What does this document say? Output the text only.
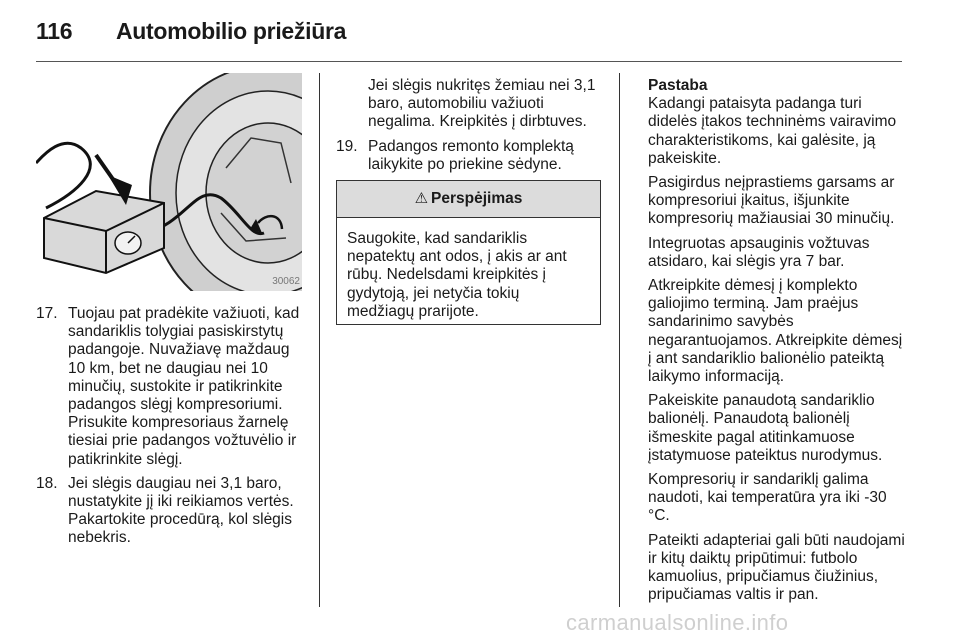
116 Automobilio priežiūra
30062
17. Tuojau pat pradėkite važiuoti, kad sandariklis tolygiai pasiskirstytų padangoje. Nuvažiavę maždaug 10 km, bet ne daugiau nei 10 minučių, sustokite ir patikrinkite padangos slėgį kompresoriumi. Prisukite kompresoriaus žarnelę tiesiai prie padangos vožtuvėlio ir patikrinkite slėgį.
18. Jei slėgis daugiau nei 3,1 baro, nustatykite jį iki reikiamos vertės. Pakartokite procedūrą, kol slėgis nebekris.
Jei slėgis nukritęs žemiau nei 3,1 baro, automobiliu važiuoti negalima. Kreipkitės į dirbtuves.
19. Padangos remonto komplektą laikykite po priekine sėdyne.
⚠ Perspėjimas
Saugokite, kad sandariklis nepatektų ant odos, į akis ar ant rūbų. Nedelsdami kreipkitės į gydytoją, jei netyčia tokių medžiagų prarijote.
Pastaba

Kadangi pataisyta padanga turi didelės įtakos techninėms vairavimo charakteristikoms, kai galėsite, ją pakeiskite.

Pasigirdus neįprastiems garsams ar kompresoriui įkaitus, išjunkite kompresorių mažiausiai 30 minučių.

Integruotas apsauginis vožtuvas atsidaro, kai slėgis yra 7 bar.

Atkreipkite dėmesį į komplekto galiojimo terminą. Jam praėjus sandarinimo savybės negarantuojamos. Atkreipkite dėmesį į ant sandariklio balionėlio pateiktą laikymo informaciją.

Pakeiskite panaudotą sandariklio balionėlį. Panaudotą balionėlį išmeskite pagal atitinkamuose įstatymuose pateiktus nurodymus.

Kompresorių ir sandariklį galima naudoti, kai temperatūra yra iki -30 °C.

Pateikti adapteriai gali būti naudojami ir kitų daiktų pripūtimui: futbolo kamuolius, pripučiamus čiužinius, pripučiamas valtis ir pan.

carmanualsonline.info
